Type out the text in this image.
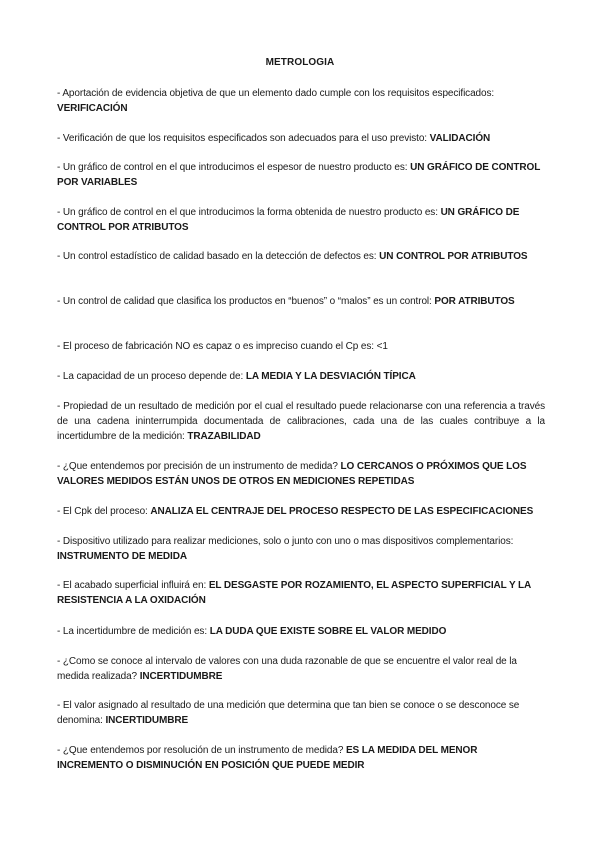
METROLOGIA
- Aportación de evidencia objetiva de que un elemento dado cumple con los requisitos especificados: VERIFICACIÓN
- Verificación de que los requisitos especificados son adecuados para el uso previsto: VALIDACIÓN
- Un gráfico de control en el que introducimos el espesor de nuestro producto es: UN GRÁFICO DE CONTROL POR VARIABLES
- Un gráfico de control en el que introducimos la forma obtenida de nuestro producto es: UN GRÁFICO DE CONTROL POR ATRIBUTOS
- Un control estadístico de calidad basado en la detección de defectos es: UN CONTROL POR ATRIBUTOS
- Un control de calidad que clasifica los productos en “buenos” o “malos” es un control: POR ATRIBUTOS
- El proceso de fabricación NO es capaz o es impreciso cuando el Cp es: <1
- La capacidad de un proceso depende de: LA MEDIA Y LA DESVIACIÓN TÍPICA
- Propiedad de un resultado de medición por el cual el resultado puede relacionarse con una referencia a través de una cadena ininterrumpida documentada de calibraciones, cada una de las cuales contribuye a la incertidumbre de la medición: TRAZABILIDAD
- ¿Que entendemos por precisión de un instrumento de medida? LO CERCANOS O PRÓXIMOS QUE LOS VALORES MEDIDOS ESTÁN UNOS DE OTROS EN MEDICIONES REPETIDAS
- El Cpk del proceso: ANALIZA EL CENTRAJE DEL PROCESO RESPECTO DE LAS ESPECIFICACIONES
- Dispositivo utilizado para realizar mediciones, solo o junto con uno o mas dispositivos complementarios: INSTRUMENTO DE MEDIDA
- El acabado superficial influirá en: EL DESGASTE POR ROZAMIENTO, EL ASPECTO SUPERFICIAL Y LA RESISTENCIA A LA OXIDACIÓN
- La incertidumbre de medición es: LA DUDA QUE EXISTE SOBRE EL VALOR MEDIDO
- ¿Como se conoce al intervalo de valores con una duda razonable de que se encuentre el valor real de la medida realizada? INCERTIDUMBRE
- El valor asignado al resultado de una medición que determina que tan bien se conoce o se desconoce se denomina: INCERTIDUMBRE
- ¿Que entendemos por resolución de un instrumento de medida? ES LA MEDIDA DEL MENOR INCREMENTO O DISMINUCIÓN EN POSICIÓN QUE PUEDE MEDIR
